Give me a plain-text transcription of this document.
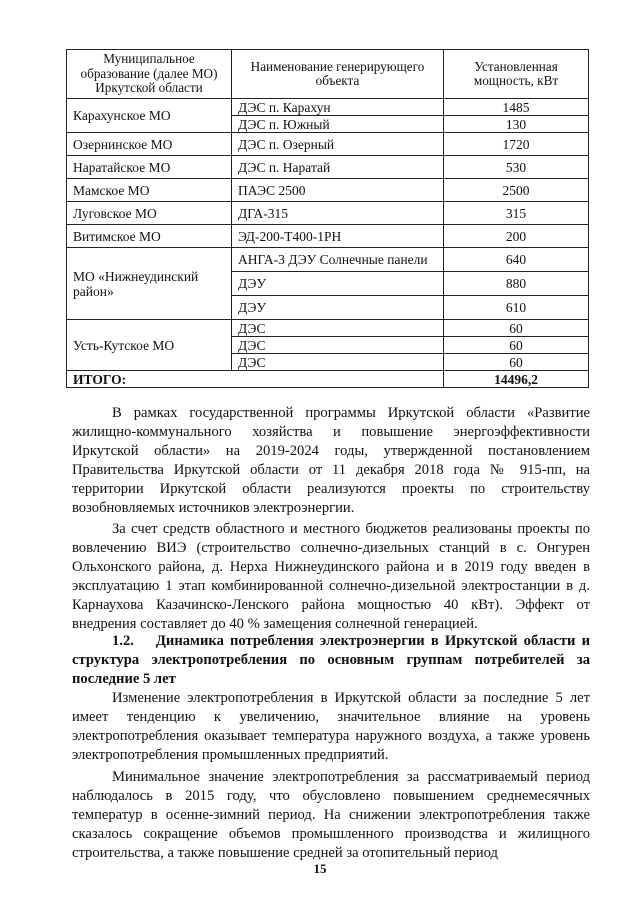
Муниципальное образование (далее МО) Иркутской области	Наименование генерирующего объекта	Установленная мощность, кВт
Карахунское МО	ДЭС п. Карахун	1485
	ДЭС п. Южный	130
Озернинское МО	ДЭС п. Озерный	1720
Наратайское МО	ДЭС п. Наратай	530
Мамское МО	ПАЭС 2500	2500
Луговское МО	ДГА-315	315
Витимское МО	ЭД-200-Т400-1РН	200
МО «Нижнеудинский район»	АНГА-3 ДЭУ Солнечные панели	640
	ДЭУ	880
	ДЭУ	610
Усть-Кутское МО	ДЭС	60
	ДЭС	60
	ДЭС	60
ИТОГО:		14496,2

В рамках государственной программы Иркутской области «Развитие жилищно-коммунального хозяйства и повышение энергоэффективности Иркутской области» на 2019-2024 годы, утвержденной постановлением Правительства Иркутской области от 11 декабря 2018 года № 915-пп, на территории Иркутской области реализуются проекты по строительству возобновляемых источников электроэнергии.

За счет средств областного и местного бюджетов реализованы проекты по вовлечению ВИЭ (строительство солнечно-дизельных станций в с. Онгурен Ольхонского района, д. Нерха Нижнеудинского района и в 2019 году введен в эксплуатацию 1 этап комбинированной солнечно-дизельной электростанции в д. Карнаухова Казачинско-Ленского района мощностью 40 кВт). Эффект от внедрения составляет до 40 % замещения солнечной генерацией.

1.2. Динамика потребления электроэнергии в Иркутской области и структура электропотребления по основным группам потребителей за последние 5 лет

Изменение электропотребления в Иркутской области за последние 5 лет имеет тенденцию к увеличению, значительное влияние на уровень электропотребления оказывает температура наружного воздуха, а также уровень электропотребления промышленных предприятий.

Минимальное значение электропотребления за рассматриваемый период наблюдалось в 2015 году, что обусловлено повышением среднемесячных температур в осенне-зимний период. На снижении электропотребления также сказалось сокращение объемов промышленного производства и жилищного строительства, а также повышение средней за отопительный период

15
